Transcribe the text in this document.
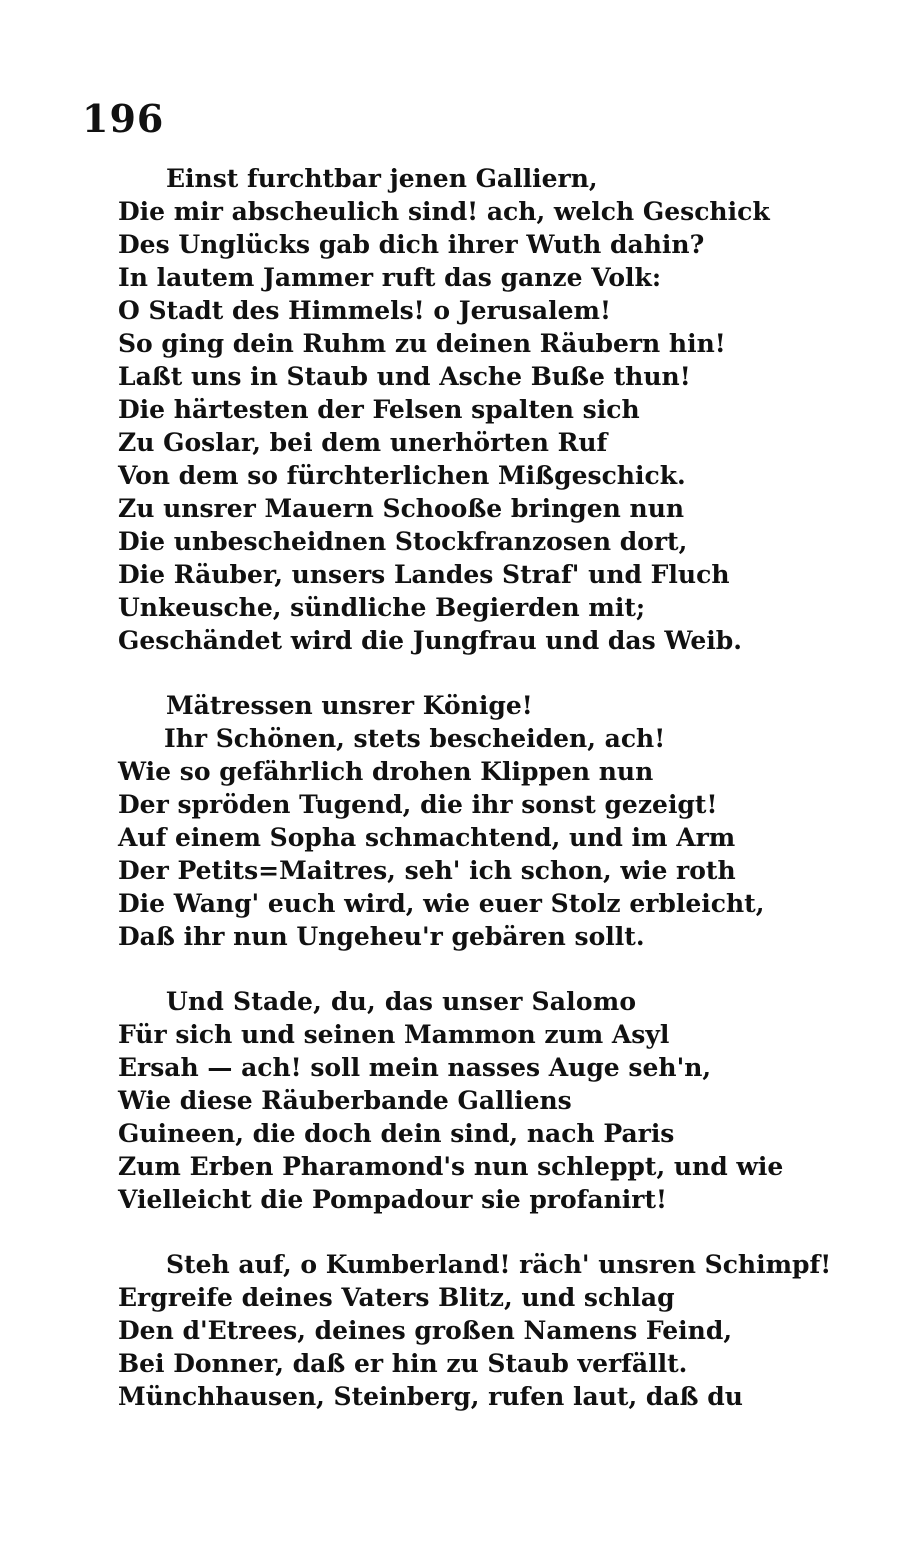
196
Einst furchtbar jenen Galliern,
Die mir abscheulich sind! ach, welch Geschick
Des Unglücks gab dich ihrer Wuth dahin?
In lautem Jammer ruft das ganze Volk:
O Stadt des Himmels! o Jerusalem!
So ging dein Ruhm zu deinen Räubern hin!
Laßt uns in Staub und Asche Buße thun!
Die härtesten der Felsen spalten sich
Zu Goslar, bei dem unerhörten Ruf
Von dem so fürchterlichen Mißgeschick.
Zu unsrer Mauern Schooße bringen nun
Die unbescheidnen Stockfranzosen dort,
Die Räuber, unsers Landes Straf' und Fluch
Unkeusche, sündliche Begierden mit;
Geschändet wird die Jungfrau und das Weib.
Mätressen unsrer Könige!
Ihr Schönen, stets bescheiden, ach!
Wie so gefährlich drohen Klippen nun
Der spröden Tugend, die ihr sonst gezeigt!
Auf einem Sopha schmachtend, und im Arm
Der Petits=Maitres, seh' ich schon, wie roth
Die Wang' euch wird, wie euer Stolz erbleicht,
Daß ihr nun Ungeheu'r gebären sollt.
Und Stade, du, das unser Salomo
Für sich und seinen Mammon zum Asyl
Ersah — ach! soll mein nasses Auge seh'n,
Wie diese Räuberbande Galliens
Guineen, die doch dein sind, nach Paris
Zum Erben Pharamond's nun schleppt, und wie
Vielleicht die Pompadour sie profanirt!
Steh auf, o Kumberland! räch' unsren Schimpf!
Ergreife deines Vaters Blitz, und schlag
Den d'Etrees, deines großen Namens Feind,
Bei Donner, daß er hin zu Staub verfällt.
Münchhausen, Steinberg, rufen laut, daß du
